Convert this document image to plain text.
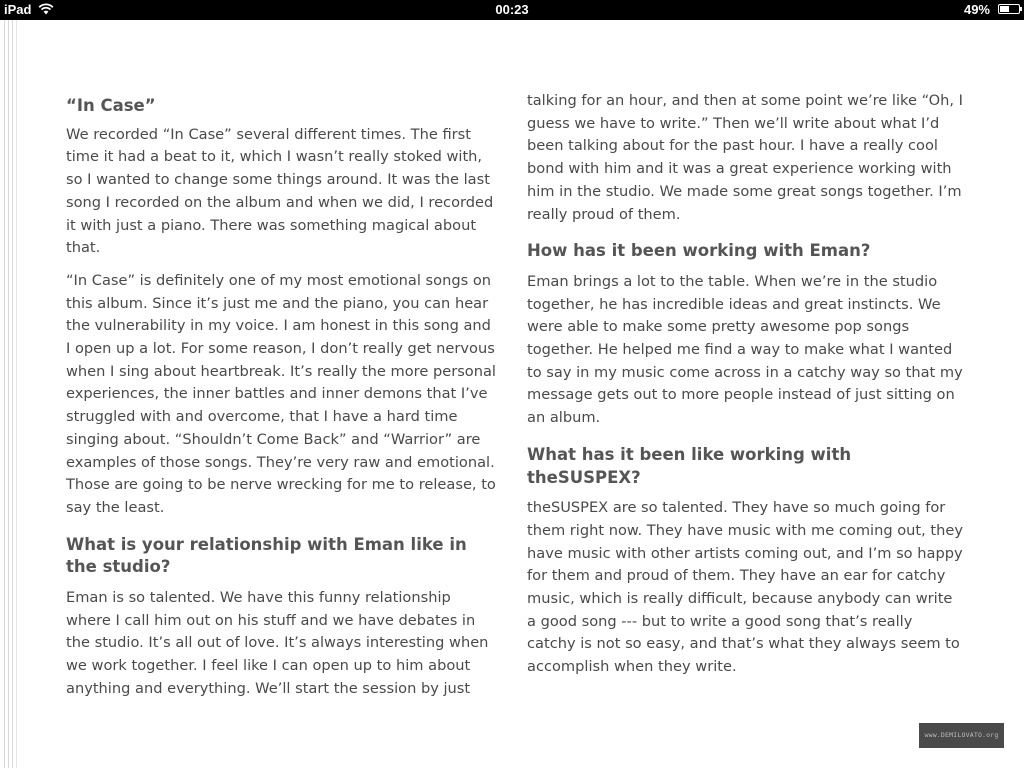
iPad	00:23	49%
“In Case”

We recorded “In Case” several different times. The first time it had a beat to it, which I wasn’t really stoked with, so I wanted to change some things around. It was the last song I recorded on the album and when we did, I recorded it with just a piano. There was something magical about that.

“In Case” is definitely one of my most emotional songs on this album. Since it’s just me and the piano, you can hear the vulnerability in my voice. I am honest in this song and I open up a lot. For some reason, I don’t really get nervous when I sing about heartbreak. It’s really the more personal experiences, the inner battles and inner demons that I’ve struggled with and overcome, that I have a hard time singing about. “Shouldn’t Come Back” and “Warrior” are examples of those songs. They’re very raw and emotional. Those are going to be nerve wrecking for me to release, to say the least.

What is your relationship with Eman like in the studio?

Eman is so talented. We have this funny relationship where I call him out on his stuff and we have debates in the studio. It’s all out of love. It’s always interesting when we work together. I feel like I can open up to him about anything and everything. We’ll start the session by just

talking for an hour, and then at some point we’re like “Oh, I guess we have to write.” Then we’ll write about what I’d been talking about for the past hour. I have a really cool bond with him and it was a great experience working with him in the studio. We made some great songs together. I’m really proud of them.

How has it been working with Eman?

Eman brings a lot to the table. When we’re in the studio together, he has incredible ideas and great instincts. We were able to make some pretty awesome pop songs together. He helped me find a way to make what I wanted to say in my music come across in a catchy way so that my message gets out to more people instead of just sitting on an album.

What has it been like working with theSUSPEX?

theSUSPEX are so talented. They have so much going for them right now. They have music with me coming out, they have music with other artists coming out, and I’m so happy for them and proud of them. They have an ear for catchy music, which is really difficult, because anybody can write a good song --- but to write a good song that’s really catchy is not so easy, and that’s what they always seem to accomplish when they write.

www.DEMILOVATO.org
